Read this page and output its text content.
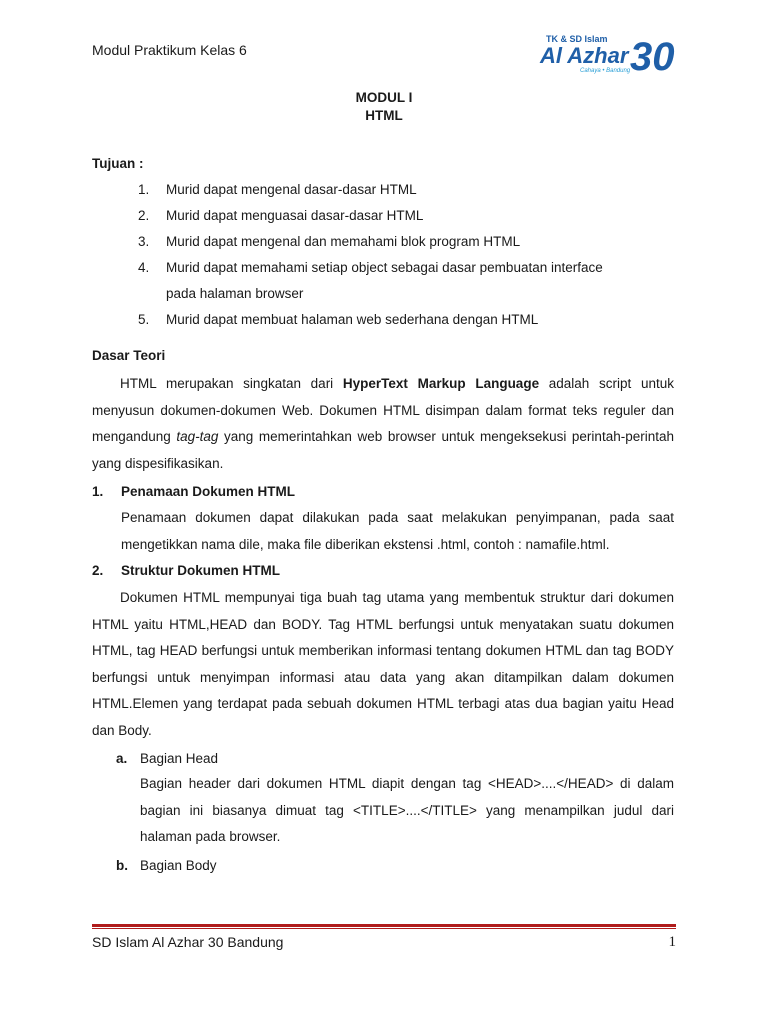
Modul Praktikum Kelas 6
TK & SD Islam
Al Azhar
Cahaya • Bandung 30
MODUL I
HTML
Tujuan :
1. Murid dapat mengenal dasar-dasar HTML
2. Murid dapat menguasai dasar-dasar HTML
3. Murid dapat mengenal dan memahami blok program HTML
4. Murid dapat memahami setiap object sebagai dasar pembuatan interface
pada halaman browser
5. Murid dapat membuat halaman web sederhana dengan HTML
Dasar Teori

HTML merupakan singkatan dari HyperText Markup Language adalah script untuk menyusun dokumen-dokumen Web. Dokumen HTML disimpan dalam format teks reguler dan mengandung tag-tag yang memerintahkan web browser untuk mengeksekusi perintah-perintah yang dispesifikasikan.

1. Penamaan Dokumen HTML

Penamaan dokumen dapat dilakukan pada saat melakukan penyimpanan, pada saat mengetikkan nama dile, maka file diberikan ekstensi .html, contoh : namafile.html.

2. Struktur Dokumen HTML

Dokumen HTML mempunyai tiga buah tag utama yang membentuk struktur dari dokumen HTML yaitu HTML,HEAD dan BODY. Tag HTML berfungsi untuk menyatakan suatu dokumen HTML, tag HEAD berfungsi untuk memberikan informasi tentang dokumen HTML dan tag BODY berfungsi untuk menyimpan informasi atau data yang akan ditampilkan dalam dokumen HTML.Elemen yang terdapat pada sebuah dokumen HTML terbagi atas dua bagian yaitu Head dan Body.

a. Bagian Head

Bagian header dari dokumen HTML diapit dengan tag <HEAD>....</HEAD> di dalam bagian ini biasanya dimuat tag <TITLE>....</TITLE> yang menampilkan judul dari halaman pada browser.

b. Bagian Body
SD Islam Al Azhar 30 Bandung	1
